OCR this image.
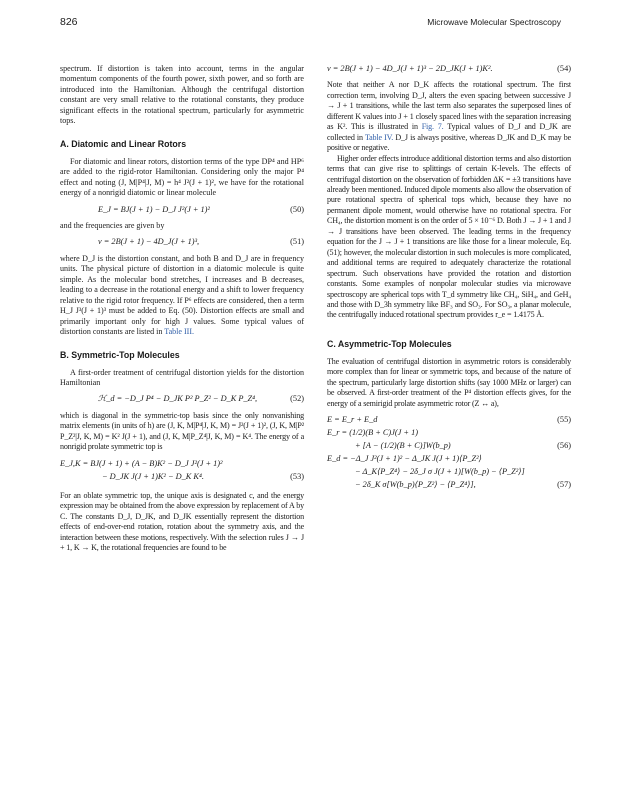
826	Microwave Molecular Spectroscopy

spectrum. If distortion is taken into account, terms in the angular momentum components of the fourth power, sixth power, and so forth are introduced into the Hamiltonian. Although the centrifugal distortion constant are very small relative to the rotational constants, they produce significant effects in the rotational spectrum, particularly for asymmetric tops.

A. Diatomic and Linear Rotors

For diatomic and linear rotors, distortion terms of the type DP⁴ and HP⁶ are added to the rigid-rotor Hamiltonian. Considering only the major P⁴ effect and noting (J, M|P⁴|J, M) = h⁴ J²(J + 1)², we have for the rotational energy of a nonrigid diatomic or linear molecule

E_J = BJ(J + 1) − D_J J²(J + 1)²	(50)

and the frequencies are given by

ν = 2B(J + 1) − 4D_J(J + 1)³,	(51)

where D_J is the distortion constant, and both B and D_J are in frequency units. The physical picture of distortion in a diatomic molecule is quite simple. As the molecular bond stretches, I increases and B decreases, leading to a decrease in the rotational energy and a shift to lower frequency relative to the rigid rotor frequency. If P⁶ effects are considered, then a term H_J J³(J + 1)³ must be added to Eq. (50). Distortion effects are small and primarily important only for high J values. Some typical values of distortion constants are listed in Table III.

B. Symmetric-Top Molecules

A first-order treatment of centrifugal distortion yields for the distortion Hamiltonian

ℋ_d = −D_J P⁴ − D_JK P² P_Z² − D_K P_Z⁴,	(52)

which is diagonal in the symmetric-top basis since the only nonvanishing matrix elements (in units of h) are (J, K, M|P⁴|J, K, M) = J²(J + 1)², (J, K, M|P² P_Z²|J, K, M) = K² J(J + 1), and (J, K, M|P_Z⁴|J, K, M) = K⁴. The energy of a nonrigid prolate symmetric top is

E_J,K = BJ(J + 1) + (A − B)K² − D_J J²(J + 1)²
− D_JK J(J + 1)K² − D_K K⁴.	(53)

For an oblate symmetric top, the unique axis is designated c, and the energy expression may be obtained from the above expression by replacement of A by C. The constants D_J, D_JK, and D_JK essentially represent the distortion effects of end-over-end rotation, rotation about the symmetry axis, and the interaction between these motions, respectively. With the selection rules J → J + 1, K → K, the rotational frequencies are found to be

ν = 2B(J + 1) − 4D_J(J + 1)³ − 2D_JK(J + 1)K².	(54)

Note that neither A nor D_K affects the rotational spectrum. The first correction term, involving D_J, alters the even spacing between successive J → J + 1 transitions, while the last term also separates the superposed lines of different K values into J + 1 closely spaced lines with the separation increasing as K². This is illustrated in Fig. 7. Typical values of D_J and D_JK are collected in Table IV. D_J is always positive, whereas D_JK and D_K may be positive or negative.

Higher order effects introduce additional distortion terms and also distortion terms that can give rise to splittings of certain K-levels. The effects of centrifugal distortion on the observation of forbidden ΔK = ±3 transitions have already been mentioned. Induced dipole moments also allow the observation of pure rotational spectra of spherical tops which, because they have no permanent dipole moment, would otherwise have no rotational spectra. For CH₄, the distortion moment is on the order of 5 × 10⁻⁶ D. Both J → J + 1 and J → J transitions have been observed. The leading terms in the frequency equation for the J → J + 1 transitions are like those for a linear molecule, Eq. (51); however, the molecular distortion in such molecules is more complicated, and additional terms are required to adequately characterize the rotational spectrum. Such observations have provided the rotation and distortion constants. Some examples of nonpolar molecular studies via microwave spectroscopy are spherical tops with T_d symmetry like CH₄, SiH₄, and GeH₄ and those with D_3h symmetry like BF₃ and SO₃. For SO₃, a planar molecule, the centrifugally induced rotational spectrum provides r_e = 1.4175 Å.

C. Asymmetric-Top Molecules

The evaluation of centrifugal distortion in asymmetric rotors is considerably more complex than for linear or symmetric tops, and because of the nature of the spectrum, particularly large distortion shifts (say 1000 MHz or larger) can be observed. A first-order treatment of the P⁴ distortion effects gives, for the energy of a semirigid prolate asymmetric rotor (Z ↔ a),

E = E_r + E_d	(55)
E_r = (1/2)(B + C)J(J + 1)
+ [A − (1/2)(B + C)]W(b_p)	(56)
E_d = −Δ_J J²(J + 1)² − Δ_JK J(J + 1)⟨P_Z²⟩
− Δ_K⟨P_Z⁴⟩ − 2δ_J σ J(J + 1)[W(b_p) − ⟨P_Z²⟩]
− 2δ_K σ[W(b_p)⟨P_Z²⟩ − ⟨P_Z⁴⟩],	(57)
